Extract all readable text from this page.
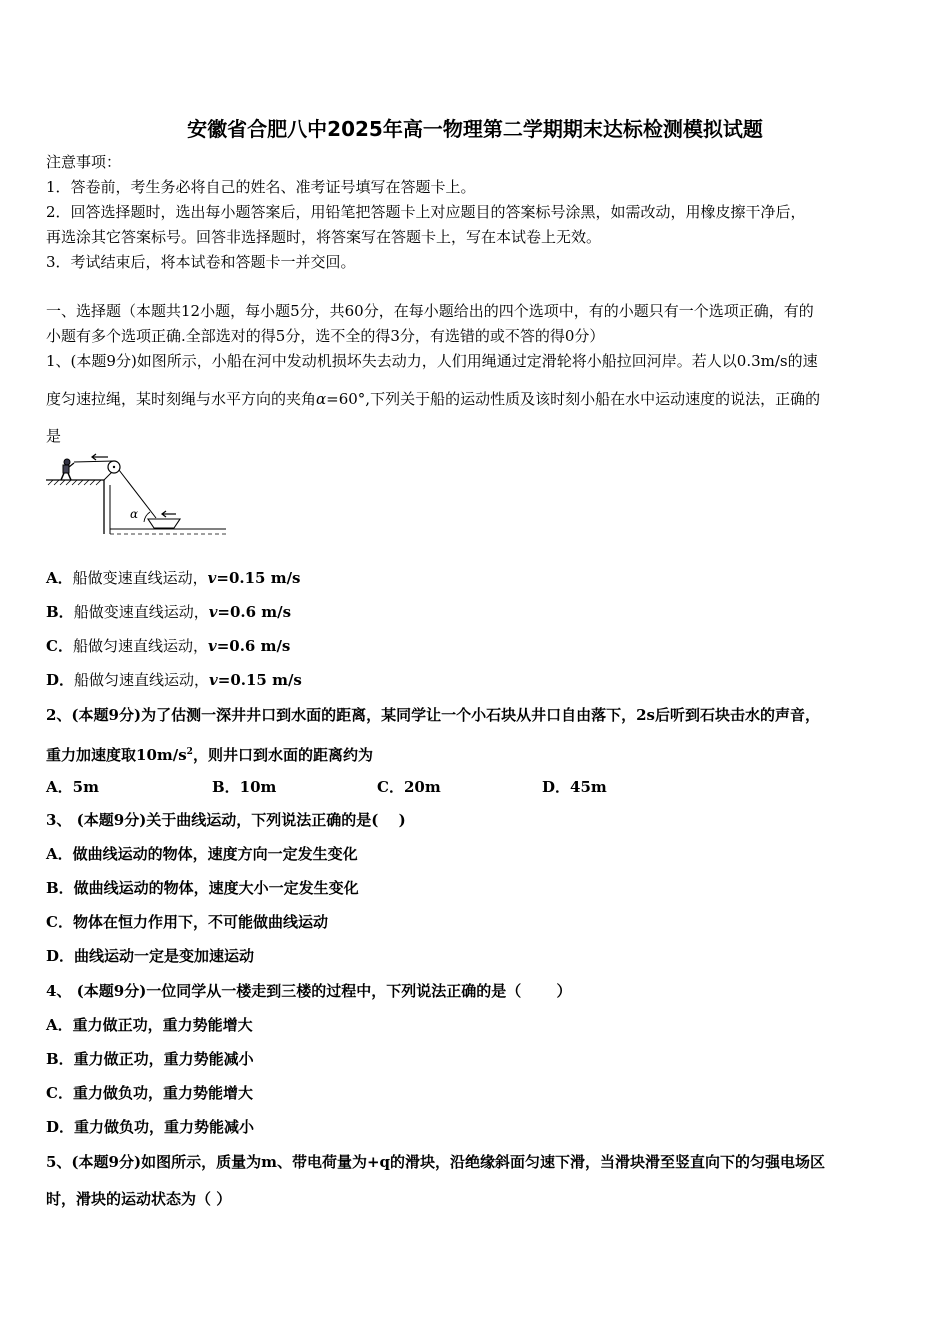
安徽省合肥八中2025年高一物理第二学期期末达标检测模拟试题
注意事项：
1．答卷前，考生务必将自己的姓名、准考证号填写在答题卡上。
2．回答选择题时，选出每小题答案后，用铅笔把答题卡上对应题目的答案标号涂黑，如需改动，用橡皮擦干净后，
再选涂其它答案标号。回答非选择题时，将答案写在答题卡上，写在本试卷上无效。
3．考试结束后，将本试卷和答题卡一并交回。
一、选择题（本题共12小题，每小题5分，共60分，在每小题给出的四个选项中，有的小题只有一个选项正确，有的
小题有多个选项正确.全部选对的得5分，选不全的得3分，有选错的或不答的得0分）
1、(本题9分)如图所示，小船在河中发动机损坏失去动力，人们用绳通过定滑轮将小船拉回河岸。若人以0.3m/s的速
度匀速拉绳，某时刻绳与水平方向的夹角α=60°,下列关于船的运动性质及该时刻小船在水中运动速度的说法，正确的
是
α
A．船做变速直线运动，v=0.15 m/s
B．船做变速直线运动，v=0.6 m/s
C．船做匀速直线运动，v=0.6 m/s
D．船做匀速直线运动，v=0.15 m/s
2、(本题9分)为了估测一深井井口到水面的距离，某同学让一个小石块从井口自由落下，2s后听到石块击水的声音，
重力加速度取$10m/s^2$，则井口到水面的距离约为
A．5m	B．10m	C．20m	D．45m
3、 (本题9分)关于曲线运动，下列说法正确的是(　 )
A．做曲线运动的物体，速度方向一定发生变化
B．做曲线运动的物体，速度大小一定发生变化
C．物体在恒力作用下，不可能做曲线运动
D．曲线运动一定是变加速运动
4、 (本题9分)一位同学从一楼走到三楼的过程中，下列说法正确的是（　　 ）
A．重力做正功，重力势能增大
B．重力做正功，重力势能减小
C．重力做负功，重力势能增大
D．重力做负功，重力势能减小
5、(本题9分)如图所示，质量为m、带电荷量为+q的滑块，沿绝缘斜面匀速下滑，当滑块滑至竖直向下的匀强电场区
时，滑块的运动状态为（ ）
